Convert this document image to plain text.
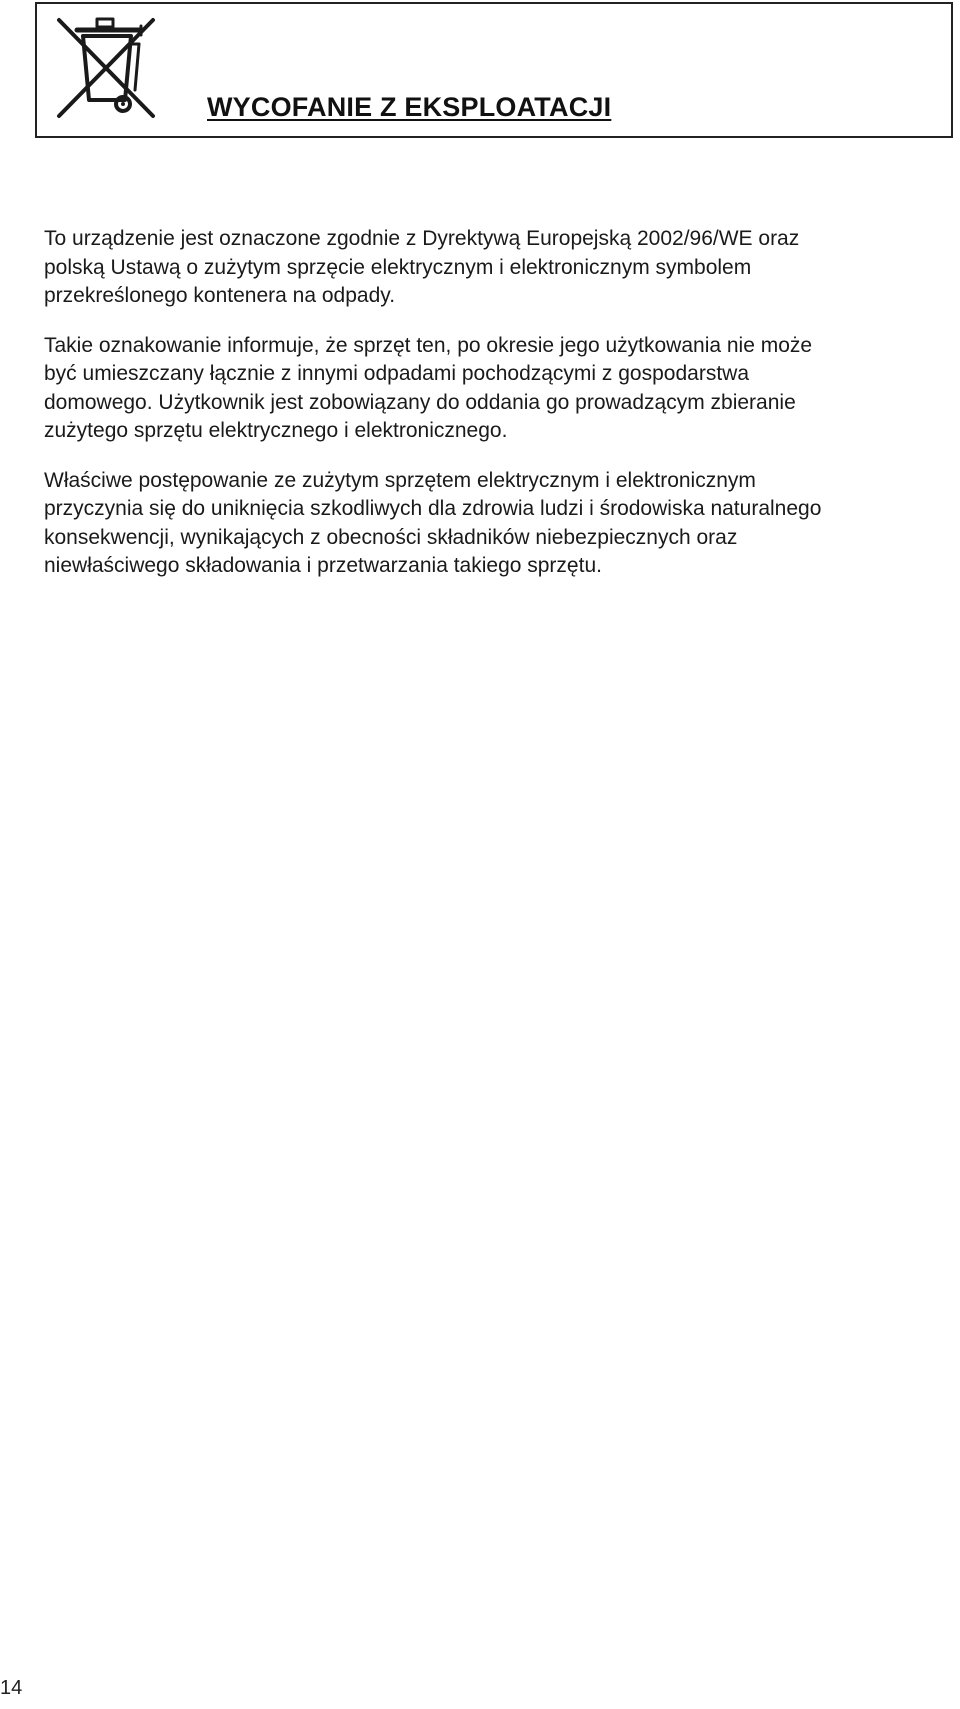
WYCOFANIE Z EKSPLOATACJI

To urządzenie jest oznaczone zgodnie z Dyrektywą Europejską 2002/96/WE oraz
polską Ustawą o zużytym sprzęcie elektrycznym i elektronicznym symbolem
przekreślonego kontenera na odpady.

Takie oznakowanie informuje, że sprzęt ten, po okresie jego użytkowania nie może
być umieszczany łącznie z innymi odpadami pochodzącymi z gospodarstwa
domowego. Użytkownik jest zobowiązany do oddania go prowadzącym zbieranie
zużytego sprzętu elektrycznego i elektronicznego.

Właściwe postępowanie ze zużytym sprzętem elektrycznym i elektronicznym
przyczynia się do uniknięcia szkodliwych dla zdrowia ludzi i środowiska naturalnego
konsekwencji, wynikających z obecności składników niebezpiecznych oraz
niewłaściwego składowania i przetwarzania takiego sprzętu.

14
